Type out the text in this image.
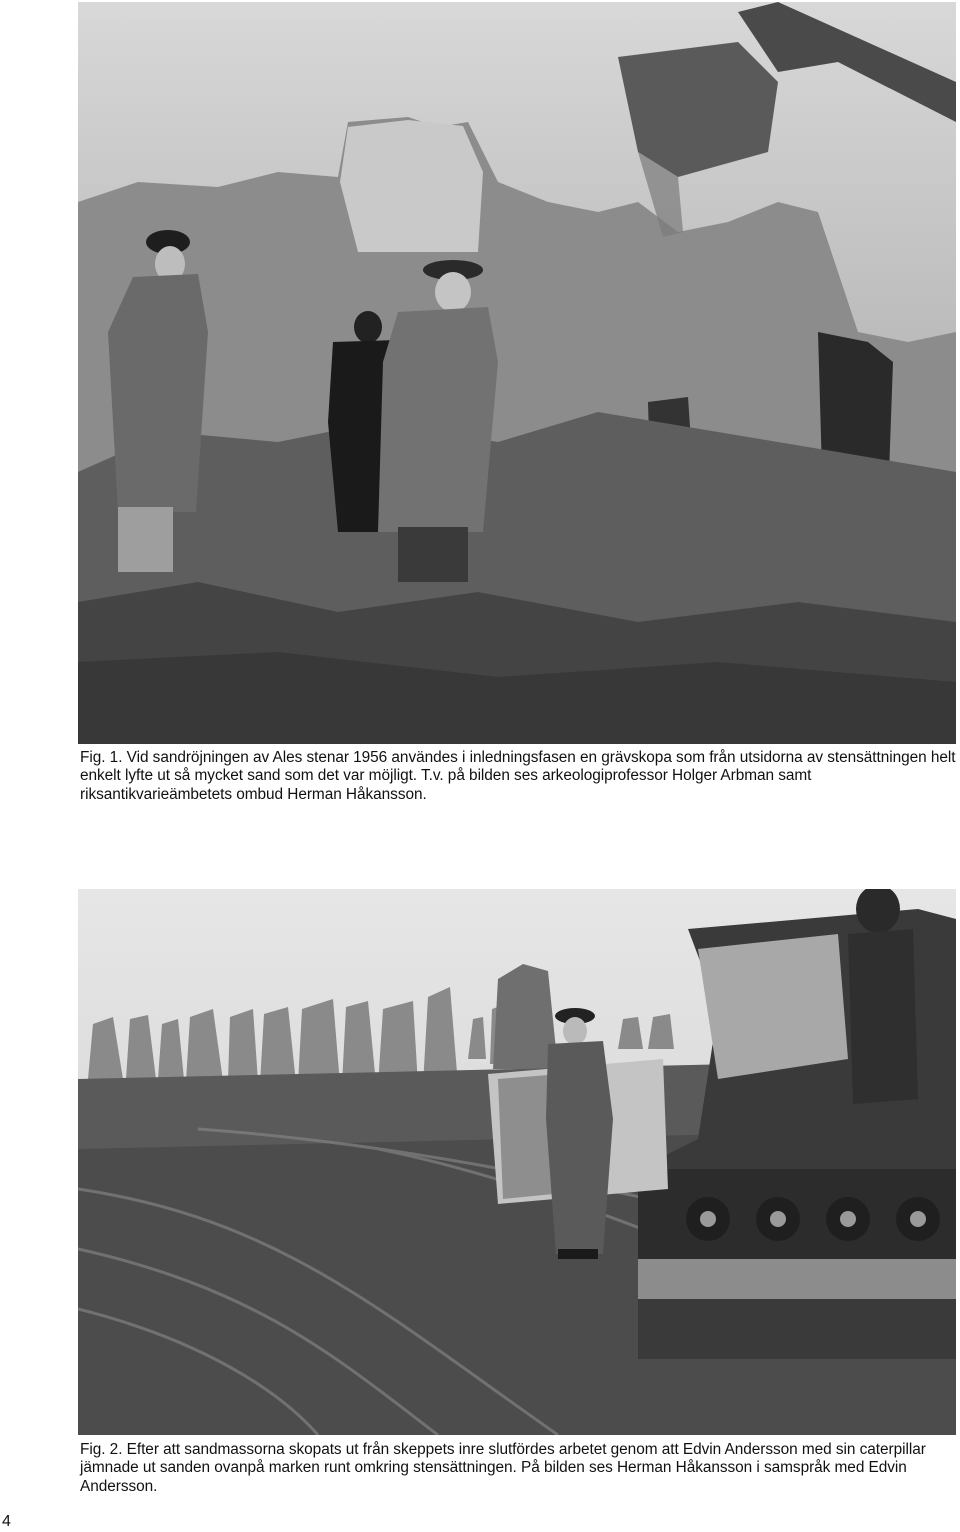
Fig. 1. Vid sandröjningen av Ales stenar 1956 användes i inledningsfasen en grävskopa som från utsidorna av stensättningen helt enkelt lyfte ut så mycket sand som det var möjligt. T.v. på bilden ses arkeologiprofessor Holger Arbman samt riksantikvarieämbetets ombud Herman Håkansson.

Fig. 2. Efter att sandmassorna skopats ut från skeppets inre slutfördes arbetet genom att Edvin Andersson med sin caterpillar jämnade ut sanden ovanpå marken runt omkring stensättningen. På bilden ses Herman Håkansson i samspråk med Edvin Andersson.

4
